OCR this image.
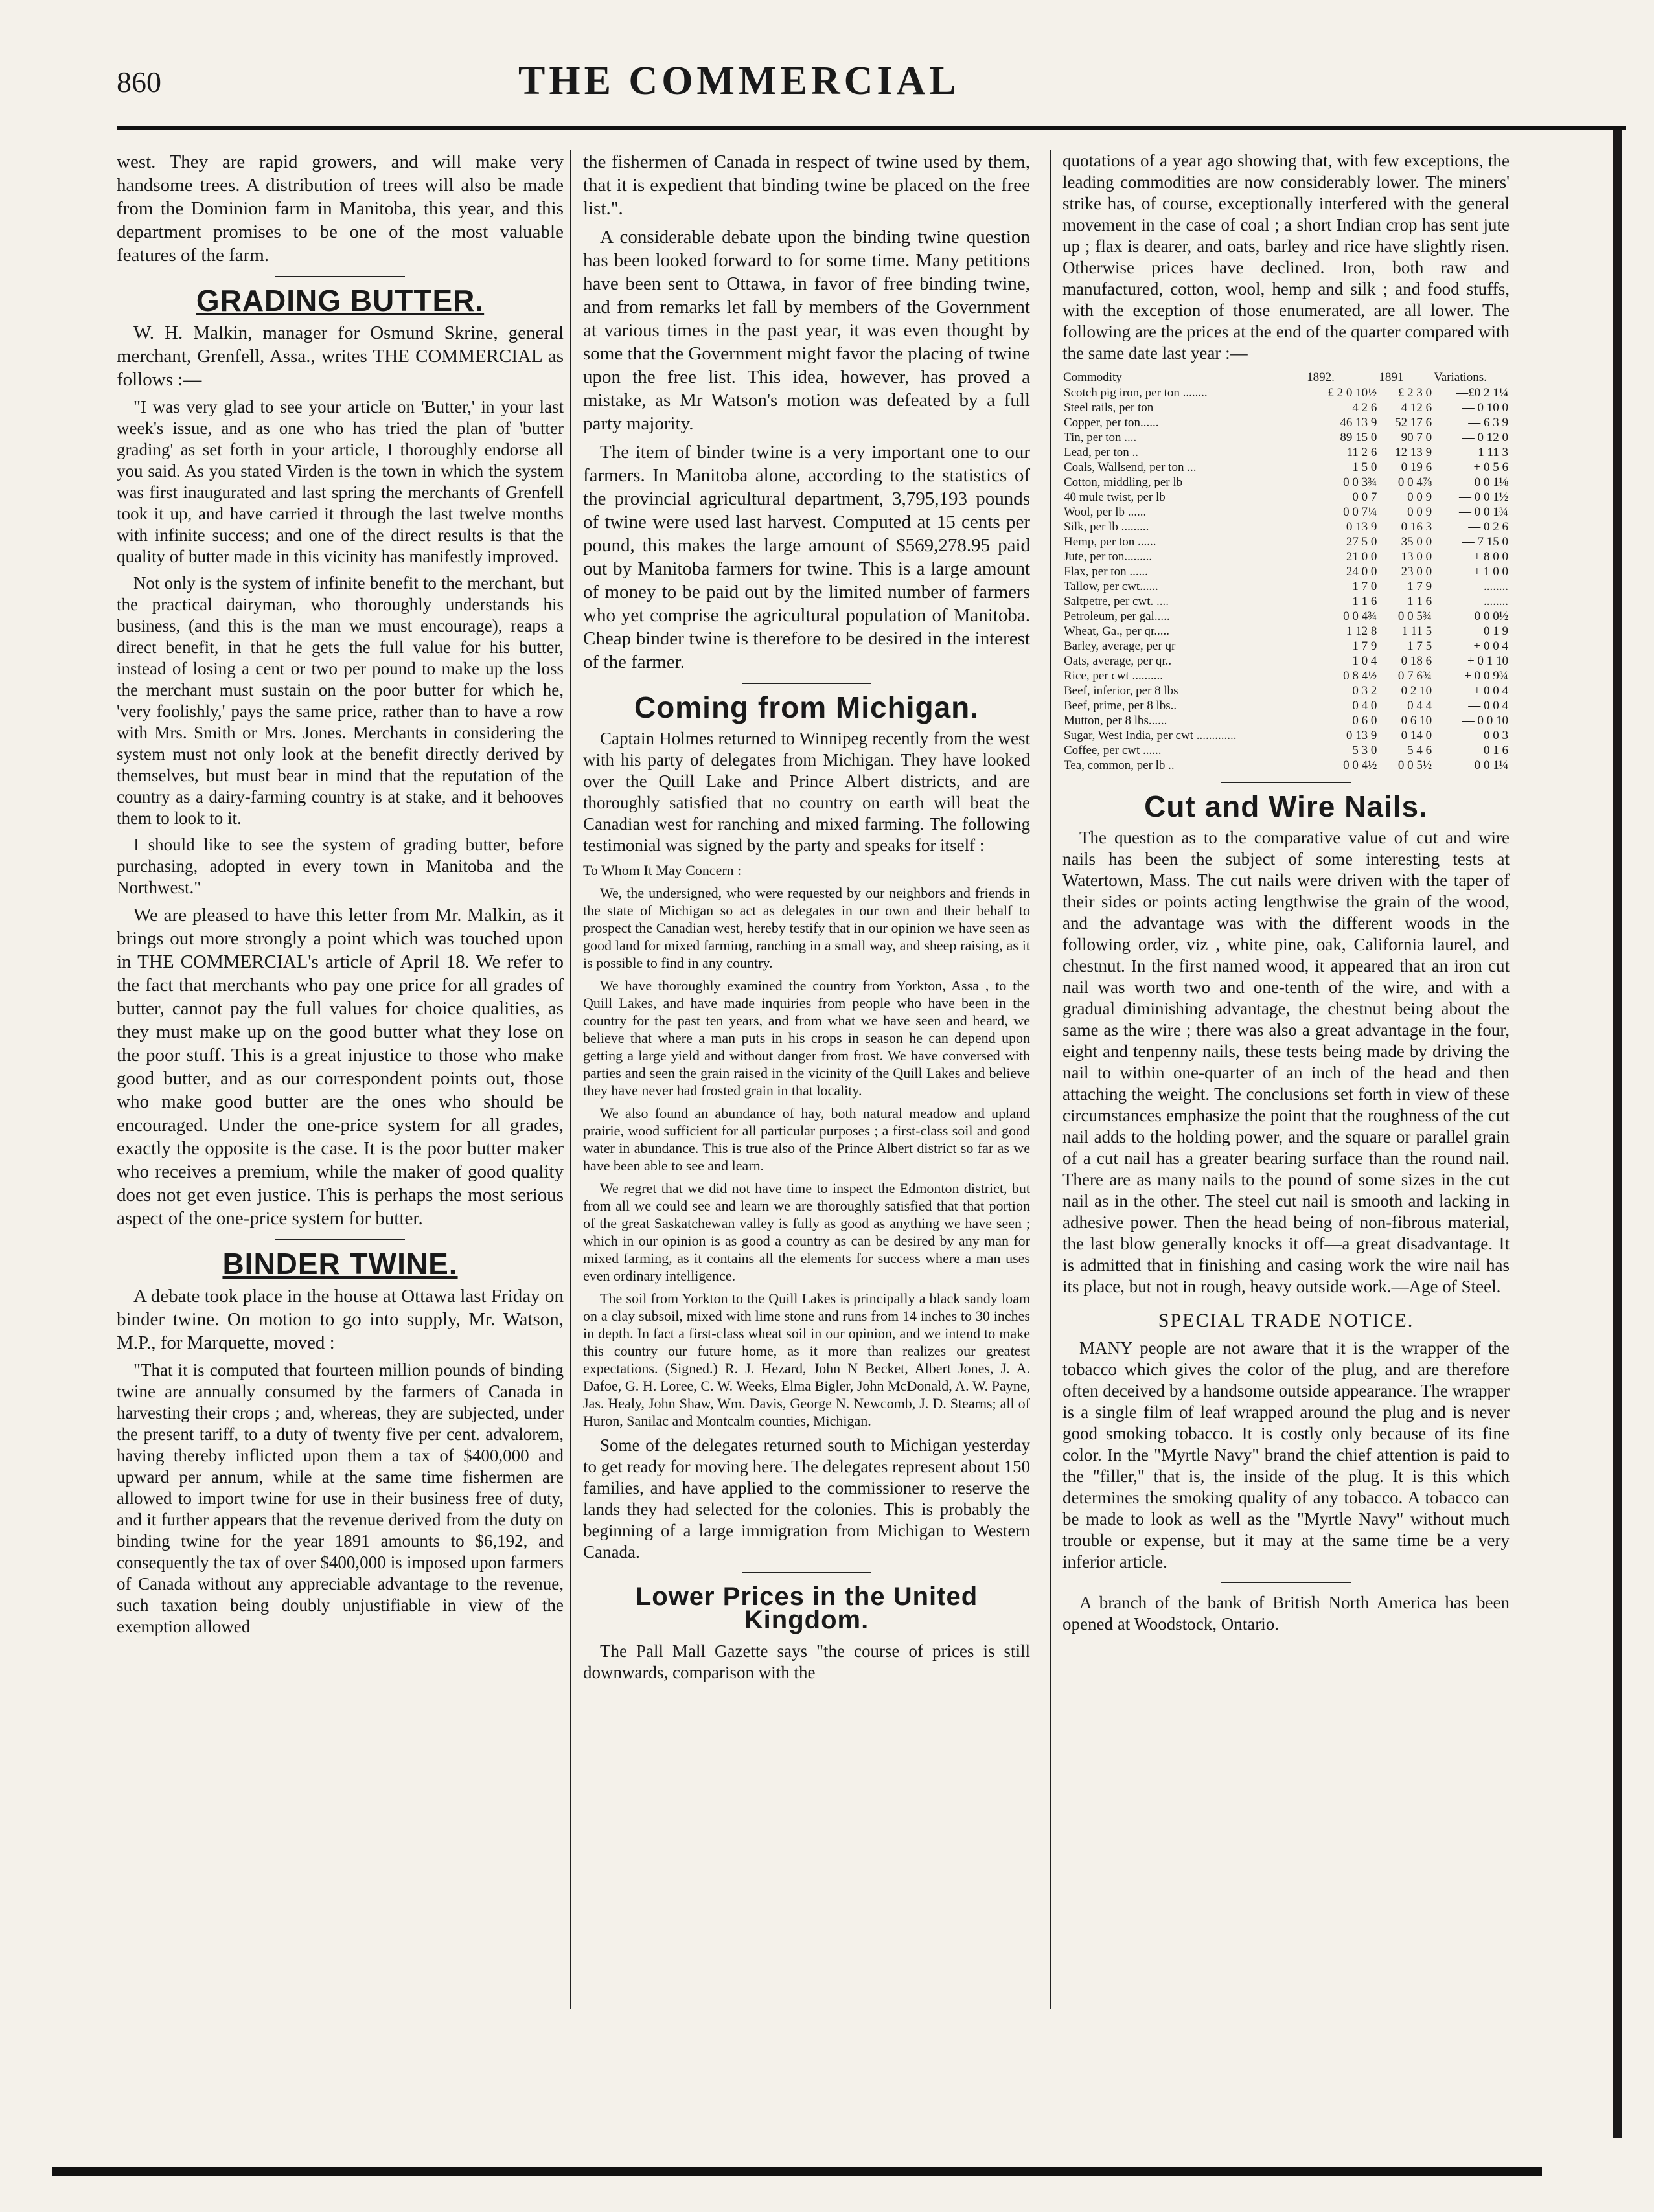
860	THE COMMERCIAL

west. They are rapid growers, and will make very handsome trees. A distribution of trees will also be made from the Dominion farm in Manitoba, this year, and this department promises to be one of the most valuable features of the farm.

GRADING BUTTER.

W. H. Malkin, manager for Osmund Skrine, general merchant, Grenfell, Assa., writes THE COMMERCIAL as follows :—

"I was very glad to see your article on 'Butter,' in your last week's issue, and as one who has tried the plan of 'butter grading' as set forth in your article, I thoroughly endorse all you said. As you stated Virden is the town in which the system was first inaugurated and last spring the merchants of Grenfell took it up, and have carried it through the last twelve months with infinite success; and one of the direct results is that the quality of butter made in this vicinity has manifestly improved.

Not only is the system of infinite benefit to the merchant, but the practical dairyman, who thoroughly understands his business, (and this is the man we must encourage), reaps a direct benefit, in that he gets the full value for his butter, instead of losing a cent or two per pound to make up the loss the merchant must sustain on the poor butter for which he, 'very foolishly,' pays the same price, rather than to have a row with Mrs. Smith or Mrs. Jones. Merchants in considering the system must not only look at the benefit directly derived by themselves, but must bear in mind that the reputation of the country as a dairy-farming country is at stake, and it behooves them to look to it.

I should like to see the system of grading butter, before purchasing, adopted in every town in Manitoba and the Northwest."

We are pleased to have this letter from Mr. Malkin, as it brings out more strongly a point which was touched upon in THE COMMERCIAL's article of April 18. We refer to the fact that merchants who pay one price for all grades of butter, cannot pay the full values for choice qualities, as they must make up on the good butter what they lose on the poor stuff. This is a great injustice to those who make good butter, and as our correspondent points out, those who make good butter are the ones who should be encouraged. Under the one-price system for all grades, exactly the opposite is the case. It is the poor butter maker who receives a premium, while the maker of good quality does not get even justice. This is perhaps the most serious aspect of the one-price system for butter.

BINDER TWINE.

A debate took place in the house at Ottawa last Friday on binder twine. On motion to go into supply, Mr. Watson, M.P., for Marquette, moved :

"That it is computed that fourteen million pounds of binding twine are annually consumed by the farmers of Canada in harvesting their crops ; and, whereas, they are subjected, under the present tariff, to a duty of twenty five per cent. advalorem, having thereby inflicted upon them a tax of $400,000 and upward per annum, while at the same time fishermen are allowed to import twine for use in their business free of duty, and it further appears that the revenue derived from the duty on binding twine for the year 1891 amounts to $6,192, and consequently the tax of over $400,000 is imposed upon farmers of Canada without any appreciable advantage to the revenue, such taxation being doubly unjustifiable in view of the exemption allowed

the fishermen of Canada in respect of twine used by them, that it is expedient that binding twine be placed on the free list.".

A considerable debate upon the binding twine question has been looked forward to for some time. Many petitions have been sent to Ottawa, in favor of free binding twine, and from remarks let fall by members of the Government at various times in the past year, it was even thought by some that the Government might favor the placing of twine upon the free list. This idea, however, has proved a mistake, as Mr Watson's motion was defeated by a full party majority.

The item of binder twine is a very important one to our farmers. In Manitoba alone, according to the statistics of the provincial agricultural department, 3,795,193 pounds of twine were used last harvest. Computed at 15 cents per pound, this makes the large amount of $569,278.95 paid out by Manitoba farmers for twine. This is a large amount of money to be paid out by the limited number of farmers who yet comprise the agricultural population of Manitoba. Cheap binder twine is therefore to be desired in the interest of the farmer.

Coming from Michigan.

Captain Holmes returned to Winnipeg recently from the west with his party of delegates from Michigan. They have looked over the Quill Lake and Prince Albert districts, and are thoroughly satisfied that no country on earth will beat the Canadian west for ranching and mixed farming. The following testimonial was signed by the party and speaks for itself :

To Whom It May Concern :

We, the undersigned, who were requested by our neighbors and friends in the state of Michigan so act as delegates in our own and their behalf to prospect the Canadian west, hereby testify that in our opinion we have seen as good land for mixed farming, ranching in a small way, and sheep raising, as it is possible to find in any country.

We have thoroughly examined the country from Yorkton, Assa , to the Quill Lakes, and have made inquiries from people who have been in the country for the past ten years, and from what we have seen and heard, we believe that where a man puts in his crops in season he can depend upon getting a large yield and without danger from frost. We have conversed with parties and seen the grain raised in the vicinity of the Quill Lakes and believe they have never had frosted grain in that locality.

We also found an abundance of hay, both natural meadow and upland prairie, wood sufficient for all particular purposes ; a first-class soil and good water in abundance. This is true also of the Prince Albert district so far as we have been able to see and learn.

We regret that we did not have time to inspect the Edmonton district, but from all we could see and learn we are thoroughly satisfied that that portion of the great Saskatchewan valley is fully as good as anything we have seen ; which in our opinion is as good a country as can be desired by any man for mixed farming, as it contains all the elements for success where a man uses even ordinary intelligence.

The soil from Yorkton to the Quill Lakes is principally a black sandy loam on a clay subsoil, mixed with lime stone and runs from 14 inches to 30 inches in depth. In fact a first-class wheat soil in our opinion, and we intend to make this country our future home, as it more than realizes our greatest expectations. (Signed.) R. J. Hezard, John N Becket, Albert Jones, J. A. Dafoe, G. H. Loree, C. W. Weeks, Elma Bigler, John McDonald, A. W. Payne, Jas. Healy, John Shaw, Wm. Davis, George N. Newcomb, J. D. Stearns; all of Huron, Sanilac and Montcalm counties, Michigan.

Some of the delegates returned south to Michigan yesterday to get ready for moving here. The delegates represent about 150 families, and have applied to the commissioner to reserve the lands they had selected for the colonies. This is probably the beginning of a large immigration from Michigan to Western Canada.

Lower Prices in the United Kingdom.

The Pall Mall Gazette says "the course of prices is still downwards, comparison with the

quotations of a year ago showing that, with few exceptions, the leading commodities are now considerably lower. The miners' strike has, of course, exceptionally interfered with the general movement in the case of coal ; a short Indian crop has sent jute up ; flax is dearer, and oats, barley and rice have slightly risen. Otherwise prices have declined. Iron, both raw and manufactured, cotton, wool, hemp and silk ; and food stuffs, with the exception of those enumerated, are all lower. The following are the prices at the end of the quarter compared with the same date last year :—

Commodity	1892.	1891	Variations.
Scotch pig iron, per ton ........	£ 2 0 10½	£ 2 3 0	—£0 2 1¼
Steel rails, per ton	4 2 6	4 12 6	— 0 10 0
Copper, per ton......	46 13 9	52 17 6	— 6 3 9
Tin, per ton ....	89 15 0	90 7 0	— 0 12 0
Lead, per ton ..	11 2 6	12 13 9	— 1 11 3
Coals, Wallsend, per ton ...	1 5 0	0 19 6	+ 0 5 6
Cotton, middling, per lb	0 0 3¾	0 0 4⅞	— 0 0 1⅛
40 mule twist, per lb	0 0 7	0 0 9	— 0 0 1½
Wool, per lb ......	0 0 7¼	0 0 9	— 0 0 1¾
Silk, per lb .........	0 13 9	0 16 3	— 0 2 6
Hemp, per ton ......	27 5 0	35 0 0	— 7 15 0
Jute, per ton.........	21 0 0	13 0 0	+ 8 0 0
Flax, per ton ......	24 0 0	23 0 0	+ 1 0 0
Tallow, per cwt......	1 7 0	1 7 9	........
Saltpetre, per cwt. ....	1 1 6	1 1 6	........
Petroleum, per gal.....	0 0 4¾	0 0 5¾	— 0 0 0½
Wheat, Ga., per qr.....	1 12 8	1 11 5	— 0 1 9
Barley, average, per qr	1 7 9	1 7 5	+ 0 0 4
Oats, average, per qr..	1 0 4	0 18 6	+ 0 1 10
Rice, per cwt ..........	0 8 4½	0 7 6¾	+ 0 0 9¾
Beef, inferior, per 8 lbs	0 3 2	0 2 10	+ 0 0 4
Beef, prime, per 8 lbs..	0 4 0	0 4 4	— 0 0 4
Mutton, per 8 lbs......	0 6 0	0 6 10	— 0 0 10
Sugar, West India, per cwt .............	0 13 9	0 14 0	— 0 0 3
Coffee, per cwt ......	5 3 0	5 4 6	— 0 1 6
Tea, common, per lb ..	0 0 4½	0 0 5½	— 0 0 1¼
Cut and Wire Nails.

The question as to the comparative value of cut and wire nails has been the subject of some interesting tests at Watertown, Mass. The cut nails were driven with the taper of their sides or points acting lengthwise the grain of the wood, and the advantage was with the different woods in the following order, viz , white pine, oak, California laurel, and chestnut. In the first named wood, it appeared that an iron cut nail was worth two and one-tenth of the wire, and with a gradual diminishing advantage, the chestnut being about the same as the wire ; there was also a great advantage in the four, eight and tenpenny nails, these tests being made by driving the nail to within one-quarter of an inch of the head and then attaching the weight. The conclusions set forth in view of these circumstances emphasize the point that the roughness of the cut nail adds to the holding power, and the square or parallel grain of a cut nail has a greater bearing surface than the round nail. There are as many nails to the pound of some sizes in the cut nail as in the other. The steel cut nail is smooth and lacking in adhesive power. Then the head being of non-fibrous material, the last blow generally knocks it off—a great disadvantage. It is admitted that in finishing and casing work the wire nail has its place, but not in rough, heavy outside work.—Age of Steel.

SPECIAL TRADE NOTICE.

MANY people are not aware that it is the wrapper of the tobacco which gives the color of the plug, and are therefore often deceived by a handsome outside appearance. The wrapper is a single film of leaf wrapped around the plug and is never good smoking tobacco. It is costly only because of its fine color. In the "Myrtle Navy" brand the chief attention is paid to the "filler," that is, the inside of the plug. It is this which determines the smoking quality of any tobacco. A tobacco can be made to look as well as the "Myrtle Navy" without much trouble or expense, but it may at the same time be a very inferior article.

A branch of the bank of British North America has been opened at Woodstock, Ontario.
